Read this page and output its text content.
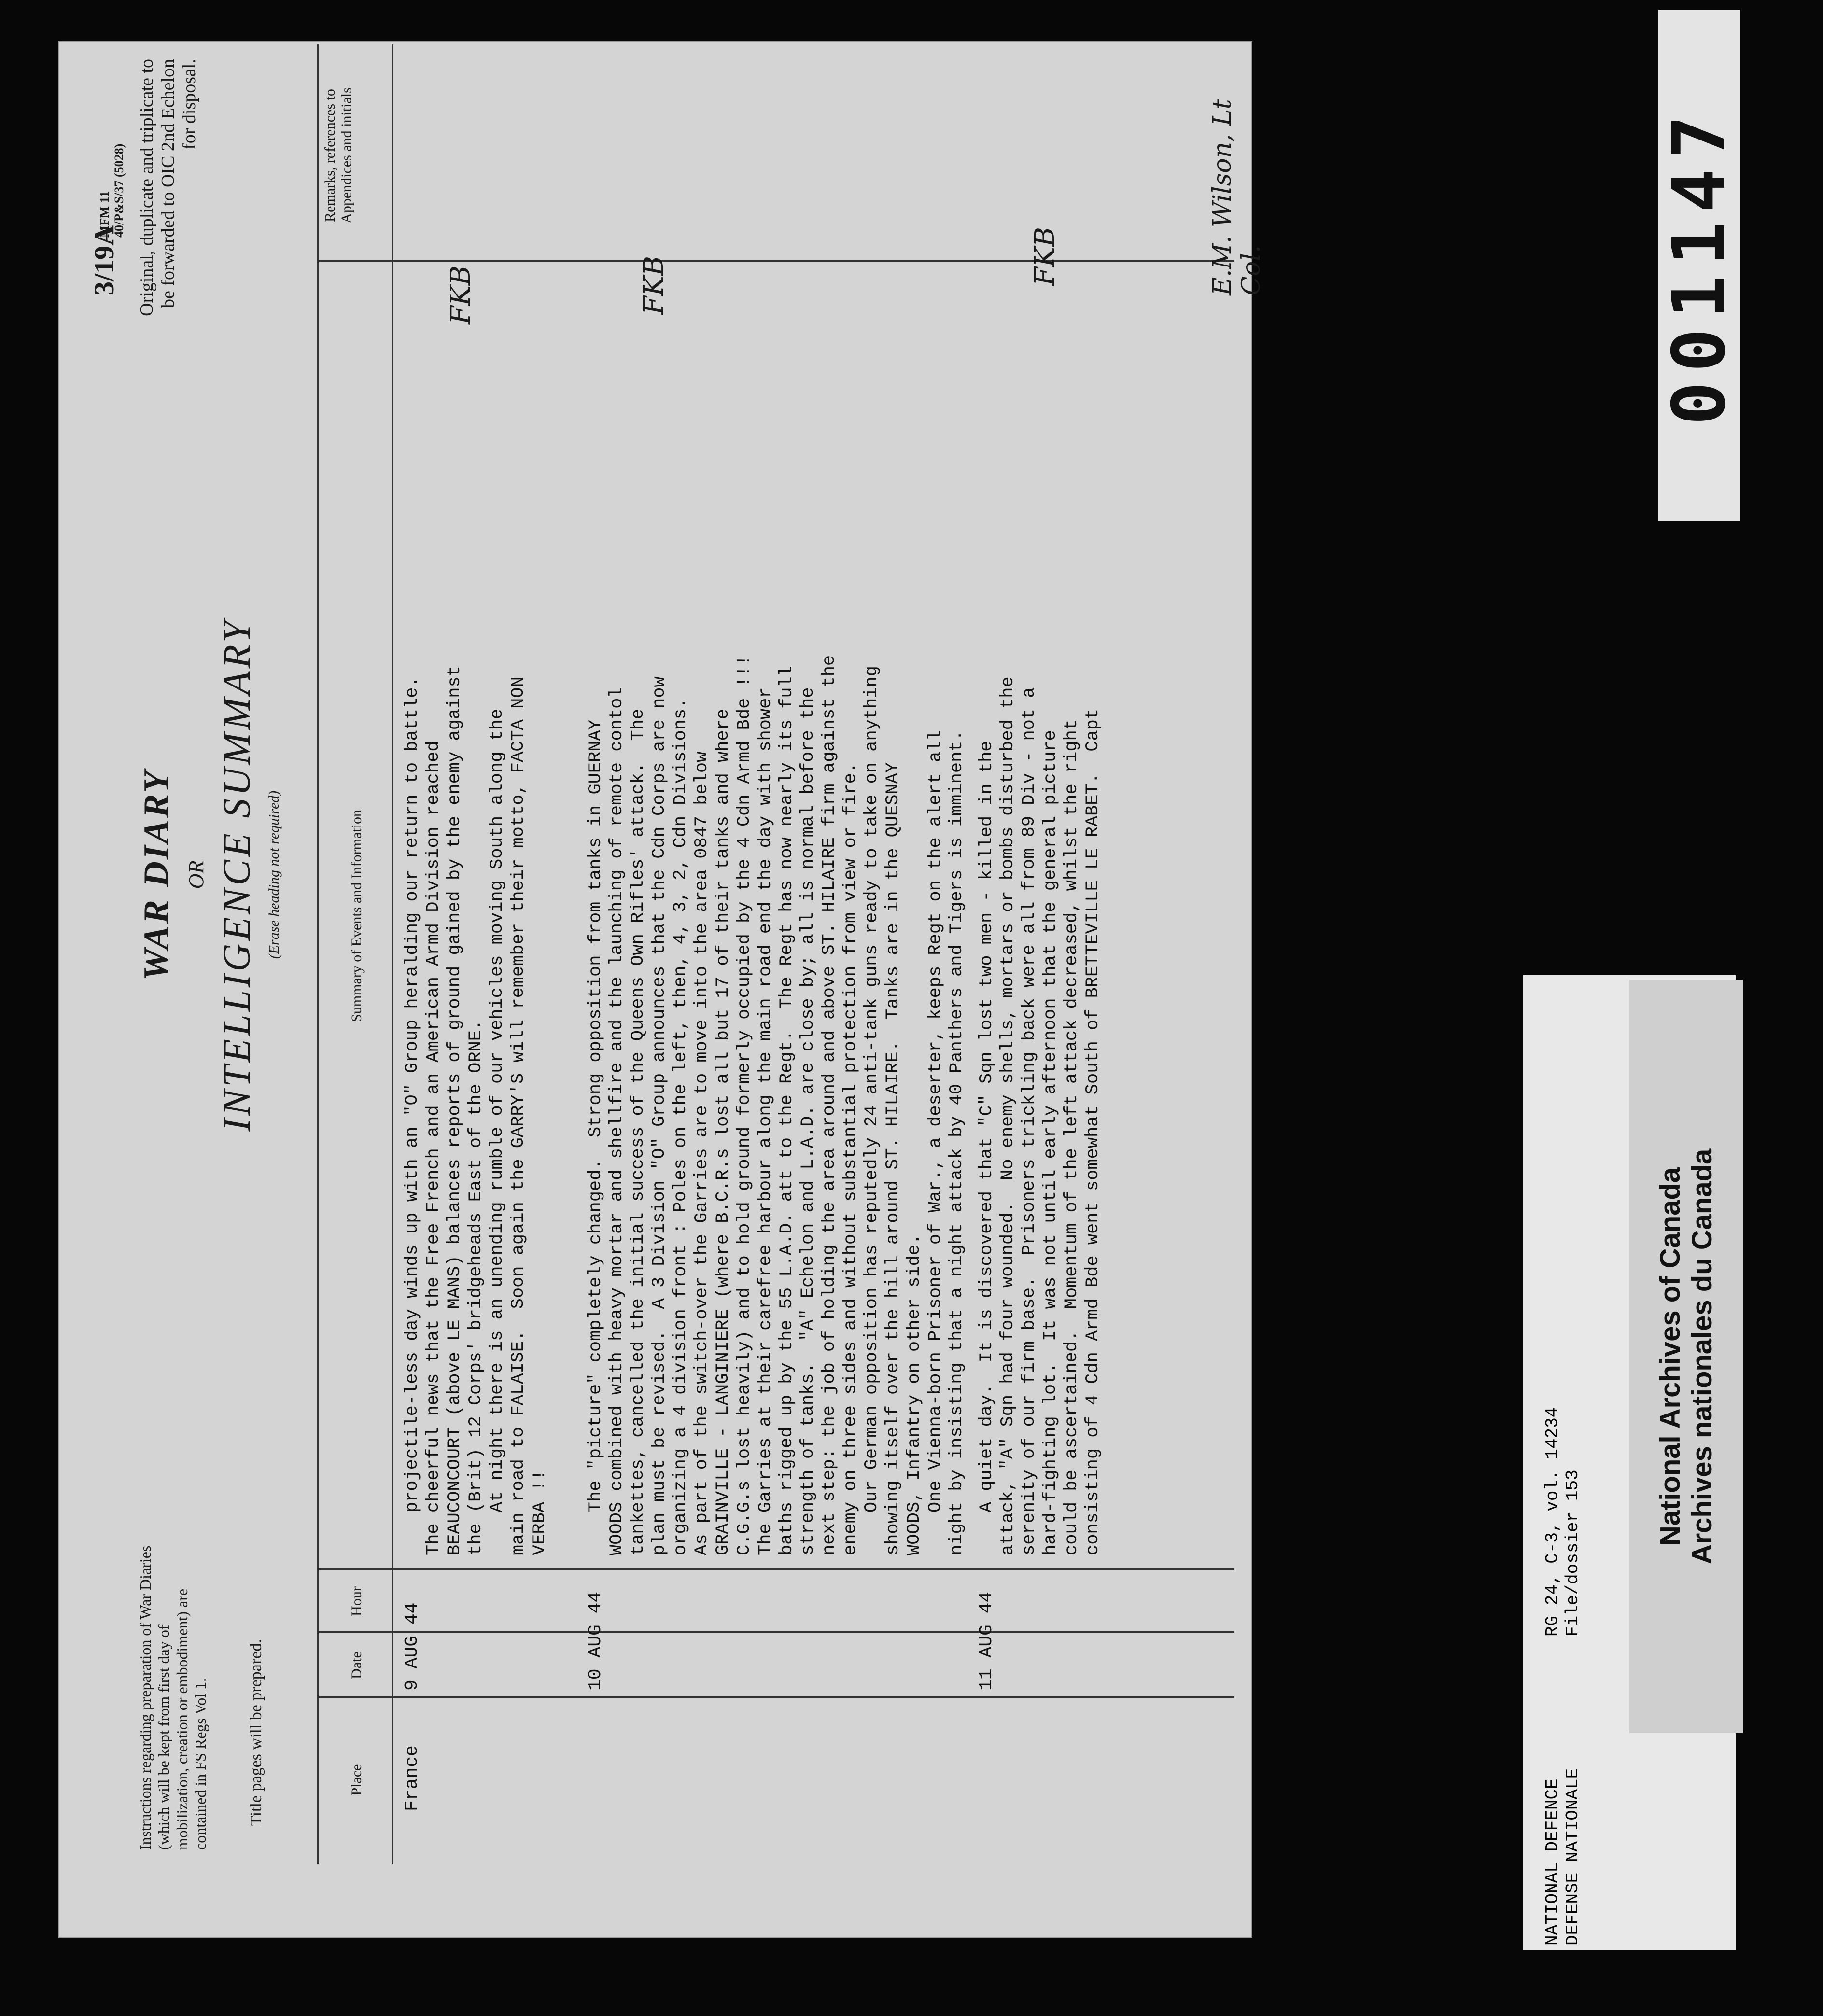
3/19A
MFM 11 40/P&S/37 (5028) Original, duplicate and triplicate to be forwarded to OIC 2nd Echelon for disposal.
Instructions regarding preparation of War Diaries (which will be kept from first day of mobilization, creation or embodiment) are contained in FS Regs Vol 1. Title pages will be prepared.
WAR DIARY OR INTELLIGENCE SUMMARY (Erase heading not required)
Place
Date
Hour
Summary of Events and Information
Remarks, references to Appendices and initials
France
9 AUG 44

projectile-less day winds up with an "O" Group heralding our return to battle. The cheerful news that the Free French and an American Armd Division reached BEAUCONCOURT (above LE MANS) balances reports of ground gained by the enemy against the (Brit) 12 Corps' bridgeheads East of the ORNE. At night there is an unending rumble of our vehicles moving South along the main road to FALAISE.  Soon again the GARRY'S will remember their motto, FACTA NON VERBA !!

FKB
10 AUG 44

The "picture" completely changed.  Strong opposition from tanks in GUERNAY WOODS combined with heavy mortar and shellfire and the launching of remote contol tankettes, cancelled the initial success of the Queens Own Rifles' attack.  The plan must be revised.  A 3 Division "O" Group announces that the Cdn Corps are now organizing a 4 division front : Poles on the left, then, 4, 3, 2, Cdn Divisions. As part of the switch-over the Garries are to move into the area 0847 below GRAINVILLE - LANGINIERE (where B.C.R.s lost all but 17 of their tanks and where C.G.G.s lost heavily) and to hold ground formerly occupied by the 4 Cdn Armd Bde !!! The Garries at their carefree harbour along the main road end the day with shower baths rigged up by the 55 L.A.D. att to the Regt.  The Regt has now nearly its full strength of tanks.  "A" Echelon and L.A.D. are close by; all is normal before the next step: the job of holding the area around and above ST. HILAIRE firm against the enemy on three sides and without substantial protection from view or fire. Our German opposition has reputedly 24 anti-tank guns ready to take on anything showing itself over the hill around ST. HILAIRE.  Tanks are in the QUESNAY WOODS, Infantry on other side. One Vienna-born Prisoner of War., a deserter, keeps Regt on the alert all night by insisting that a night attack by 40 Panthers and Tigers is imminent.

FKB
11 AUG 44

A quiet day.  It is discovered that "C" Sqn lost two men - killed in the attack, "A" Sqn had four wounded.  No enemy shells, mortars or bombs disturbed the serenity of our firm base.  Prisoners trickling back were all from 89 Div - not a hard-fighting lot.  It was not until early afternoon that the general picture could be ascertained.  Momentum of the left attack decreased, whilst the right consisting of 4 Cdn Armd Bde went somewhat South of BRETTEVILLE LE RABET.  Capt

FKB	E.M. Wilson, Lt Col.	001147
NATIONAL DEFENCE DEFENSE NATIONALE
RG 24, C-3, vol. 14234 File/dossier 153
National Archives of Canada Archives nationales du Canada
